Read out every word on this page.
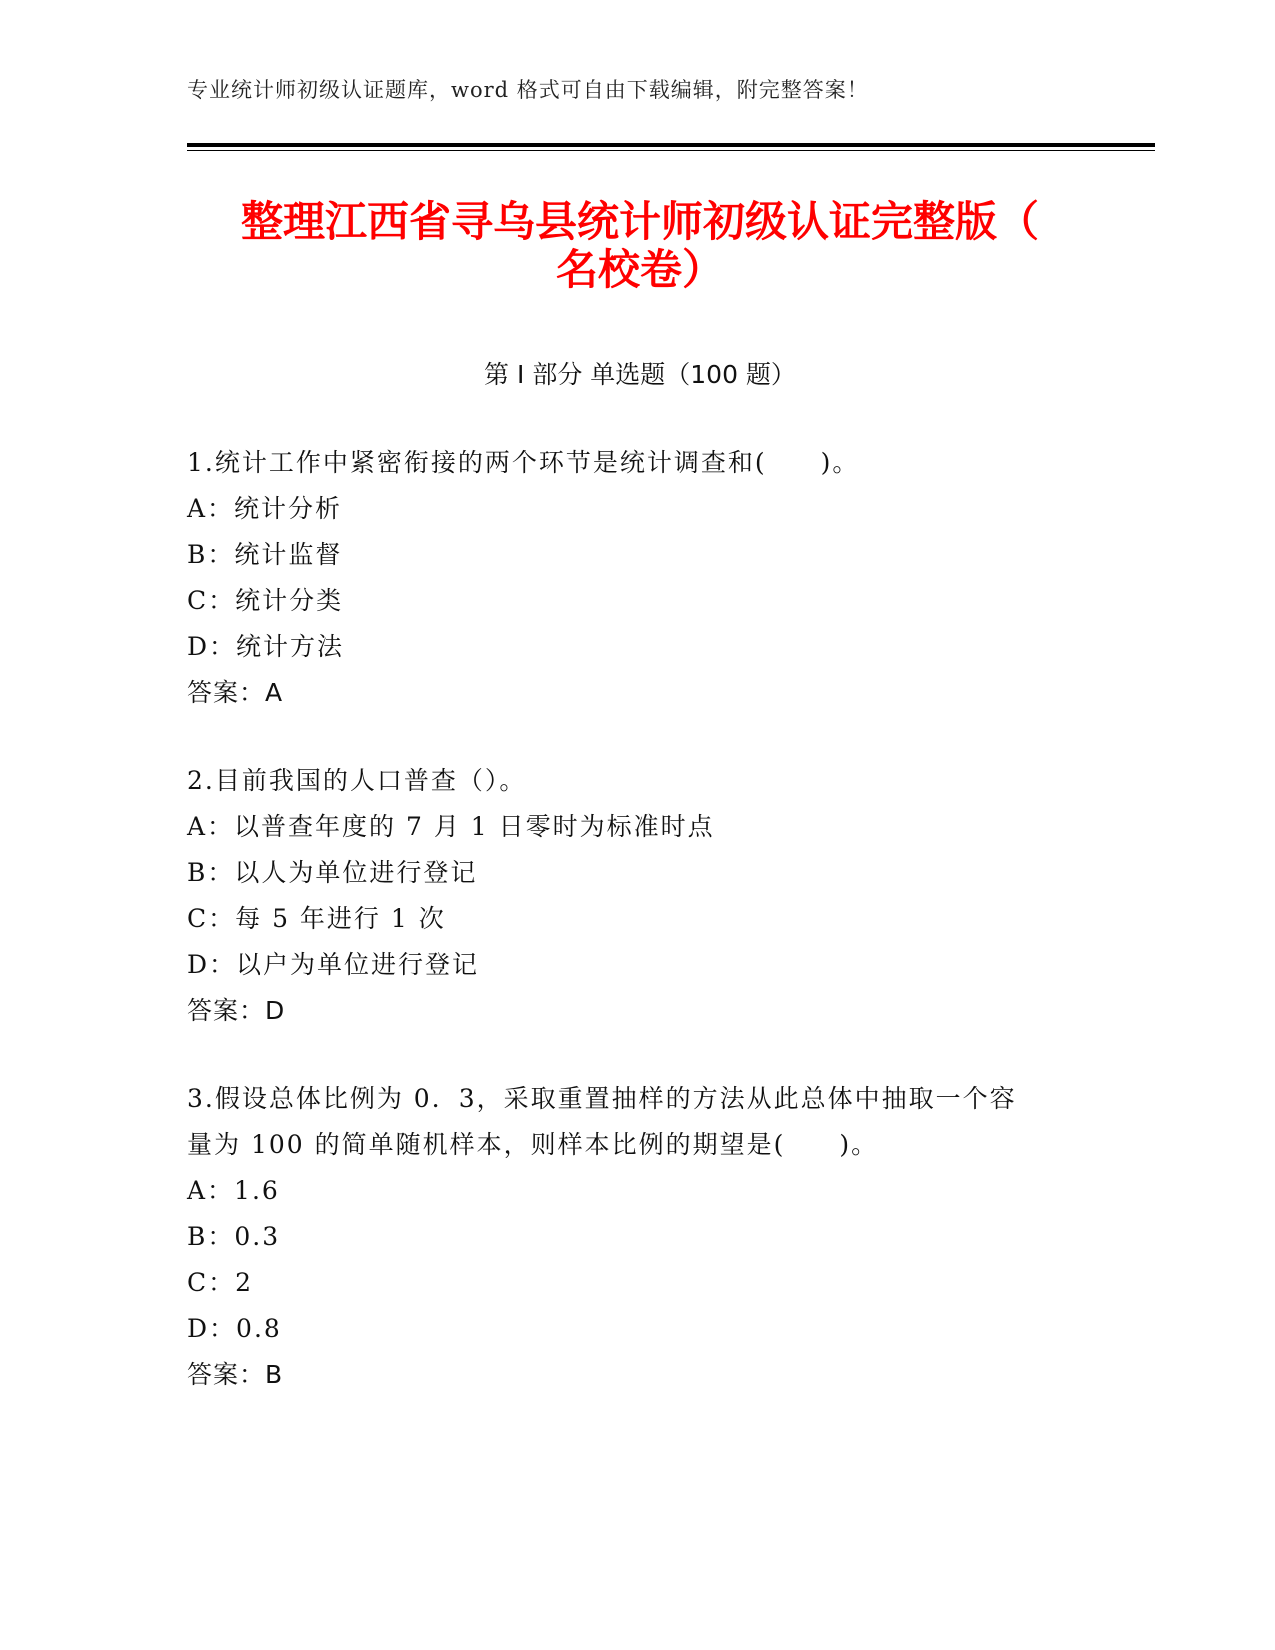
专业统计师初级认证题库，word 格式可自由下载编辑，附完整答案！
整理江西省寻乌县统计师初级认证完整版（
名校卷）
第 I 部分 单选题（100 题）
1.统计工作中紧密衔接的两个环节是统计调查和(　　)。
A：统计分析
B：统计监督
C：统计分类
D：统计方法
答案：A
2.目前我国的人口普查（）。
A：以普查年度的 7 月 1 日零时为标准时点
B：以人为单位进行登记
C：每 5 年进行 1 次
D：以户为单位进行登记
答案：D
3.假设总体比例为 0．3，采取重置抽样的方法从此总体中抽取一个容
量为 100 的简单随机样本，则样本比例的期望是(　　)。
A：1.6
B：0.3
C：2
D：0.8
答案：B
